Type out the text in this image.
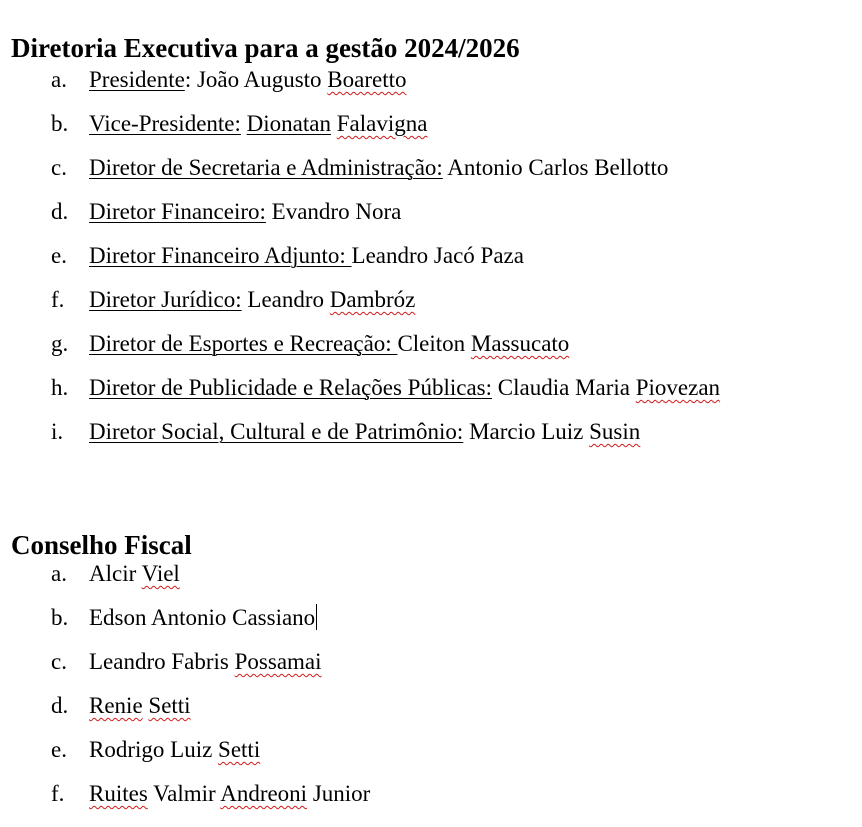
Diretoria Executiva para a gestão 2024/2026
a. Presidente: João Augusto Boaretto
b. Vice-Presidente: Dionatan Falavigna
c. Diretor de Secretaria e Administração: Antonio Carlos Bellotto
d. Diretor Financeiro: Evandro Nora
e. Diretor Financeiro Adjunto: Leandro Jacó Paza
f. Diretor Jurídico: Leandro Dambróz
g. Diretor de Esportes e Recreação: Cleiton Massucato
h. Diretor de Publicidade e Relações Públicas: Claudia Maria Piovezan
i. Diretor Social, Cultural e de Patrimônio: Marcio Luiz Susin
Conselho Fiscal
a. Alcir Viel
b. Edson Antonio Cassiano
c. Leandro Fabris Possamai
d. Renie Setti
e. Rodrigo Luiz Setti
f. Ruites Valmir Andreoni Junior
